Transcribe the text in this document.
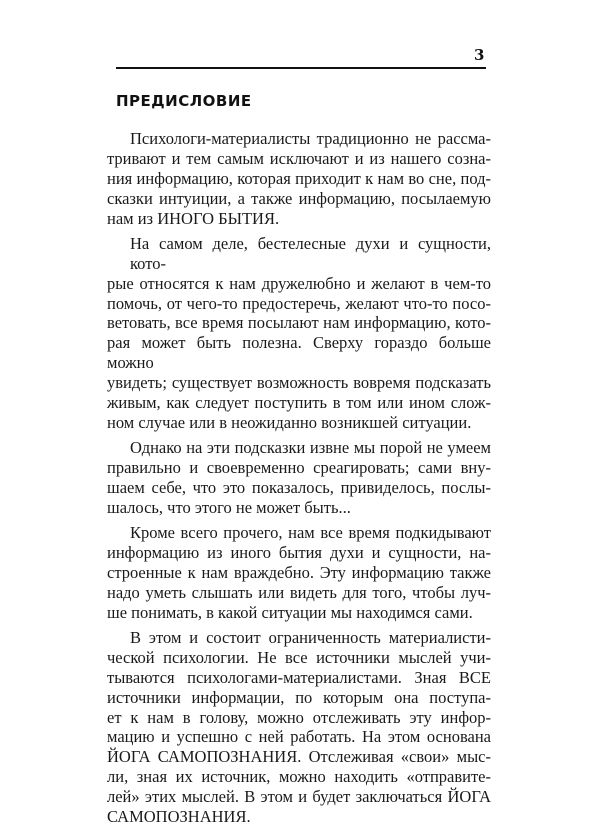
3
ПРЕДИСЛОВИЕ

Психологи-материалисты традиционно не рассма-
тривают и тем самым исключают и из нашего созна-
ния информацию, которая приходит к нам во сне, под-
сказки интуиции, а также информацию, посылаемую
нам из ИНОГО БЫТИЯ.

На самом деле, бестелесные духи и сущности, кото-
рые относятся к нам дружелюбно и желают в чем-то
помочь, от чего-то предостеречь, желают что-то посо-
ветовать, все время посылают нам информацию, кото-
рая может быть полезна. Сверху гораздо больше можно
увидеть; существует возможность вовремя подсказать
живым, как следует поступить в том или ином слож-
ном случае или в неожиданно возникшей ситуации.

Однако на эти подсказки извне мы порой не умеем
правильно и своевременно среагировать; сами вну-
шаем себе, что это показалось, привиделось, послы-
шалось, что этого не может быть...

Кроме всего прочего, нам все время подкидывают
информацию из иного бытия духи и сущности, на-
строенные к нам враждебно. Эту информацию также
надо уметь слышать или видеть для того, чтобы луч-
ше понимать, в какой ситуации мы находимся сами.

В этом и состоит ограниченность материалисти-
ческой психологии. Не все источники мыслей учи-
тываются психологами-материалистами. Зная ВСЕ
источники информации, по которым она поступа-
ет к нам в голову, можно отслеживать эту инфор-
мацию и успешно с ней работать. На этом основана
ЙОГА САМОПОЗНАНИЯ. Отслеживая «свои» мыс-
ли, зная их источник, можно находить «отправите-
лей» этих мыслей. В этом и будет заключаться ЙОГА
САМОПОЗНАНИЯ.
